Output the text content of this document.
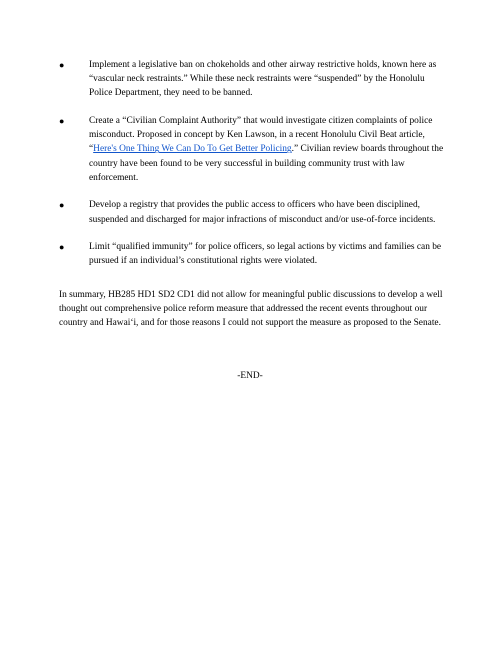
●	Implement a legislative ban on chokeholds and other airway restrictive holds, known here as “vascular neck restraints.” While these neck restraints were “suspended” by the Honolulu Police Department, they need to be banned.
●	Create a “Civilian Complaint Authority” that would investigate citizen complaints of police misconduct. Proposed in concept by Ken Lawson, in a recent Honolulu Civil Beat article, “Here's One Thing We Can Do To Get Better Policing.” Civilian review boards throughout the country have been found to be very successful in building community trust with law enforcement.
●	Develop a registry that provides the public access to officers who have been disciplined, suspended and discharged for major infractions of misconduct and/or use-of-force incidents.
●	Limit “qualified immunity” for police officers, so legal actions by victims and families can be pursued if an individual’s constitutional rights were violated.

In summary, HB285 HD1 SD2 CD1 did not allow for meaningful public discussions to develop a well thought out comprehensive police reform measure that addressed the recent events throughout our country and Hawai‘i, and for those reasons I could not support the measure as proposed to the Senate.

-END-
